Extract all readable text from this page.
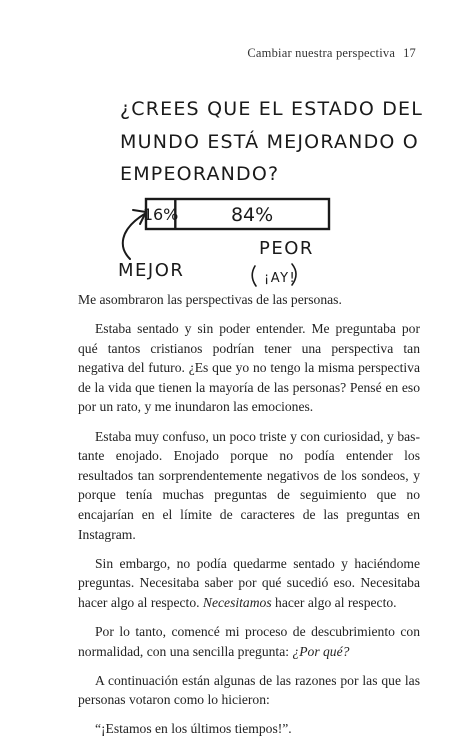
Cambiar nuestra perspectiva 17
¿CREES QUE EL ESTADO DEL
MUNDO ESTÁ MEJORANDO O
EMPEORANDO?
16%	84%
MEJOR
PEOR
¡AY!

Me asombraron las perspectivas de las personas.

Estaba sentado y sin poder entender. Me preguntaba por qué tantos cristianos podrían tener una perspectiva tan negativa del futuro. ¿Es que yo no tengo la misma perspectiva de la vida que tienen la mayoría de las personas? Pensé en eso por un rato, y me inundaron las emociones.

Estaba muy confuso, un poco triste y con curiosidad, y bastante enojado. Enojado porque no podía entender los resultados tan sorprendentemente negativos de los sondeos, y porque tenía muchas preguntas de seguimiento que no encajarían en el límite de caracteres de las preguntas en Instagram.

Sin embargo, no podía quedarme sentado y haciéndome preguntas. Necesitaba saber por qué sucedió eso. Necesitaba hacer algo al respecto. Necesitamos hacer algo al respecto.

Por lo tanto, comencé mi proceso de descubrimiento con normalidad, con una sencilla pregunta: ¿Por qué?

A continuación están algunas de las razones por las que las personas votaron como lo hicieron:

“¡Estamos en los últimos tiempos!”.
